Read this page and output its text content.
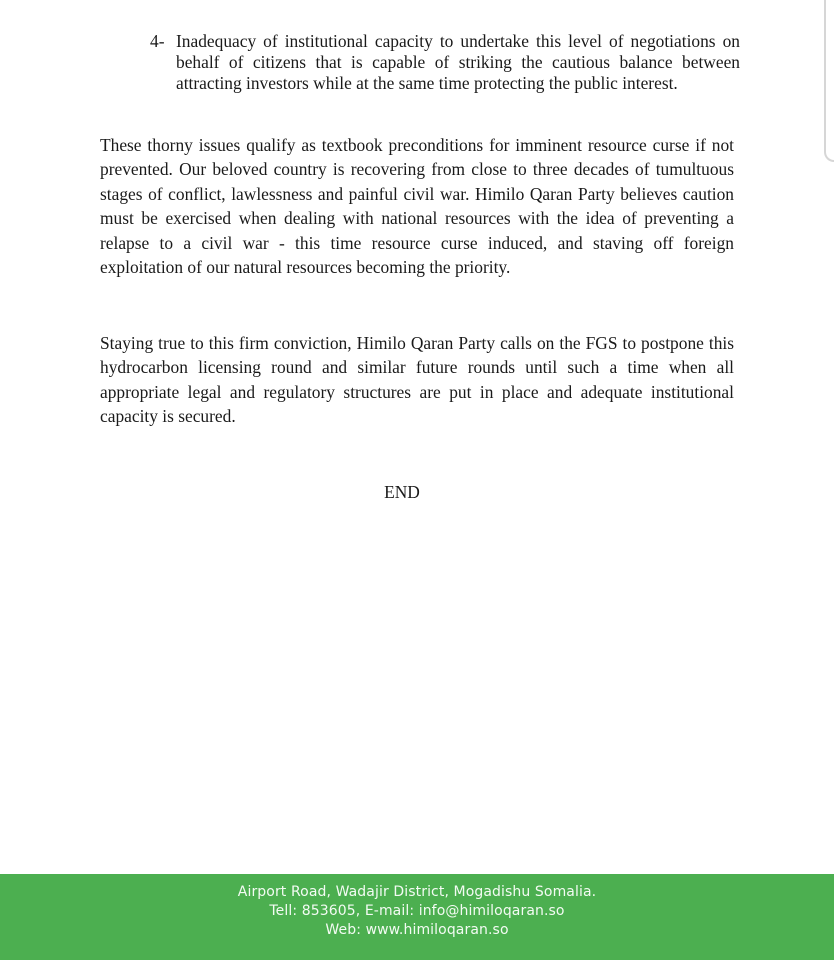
4- Inadequacy of institutional capacity to undertake this level of negotiations on behalf of citizens that is capable of striking the cautious balance between attracting investors while at the same time protecting the public interest.

These thorny issues qualify as textbook preconditions for imminent resource curse if not prevented. Our beloved country is recovering from close to three decades of tumultuous stages of conflict, lawlessness and painful civil war. Himilo Qaran Party believes caution must be exercised when dealing with national resources with the idea of preventing a relapse to a civil war - this time resource curse induced, and staving off foreign exploitation of our natural resources becoming the priority.

Staying true to this firm conviction, Himilo Qaran Party calls on the FGS to postpone this hydrocarbon licensing round and similar future rounds until such a time when all appropriate legal and regulatory structures are put in place and adequate institutional capacity is secured.

END
Airport Road, Wadajir District, Mogadishu Somalia.
Tell: 853605, E-mail: info@himiloqaran.so
Web: www.himiloqaran.so
